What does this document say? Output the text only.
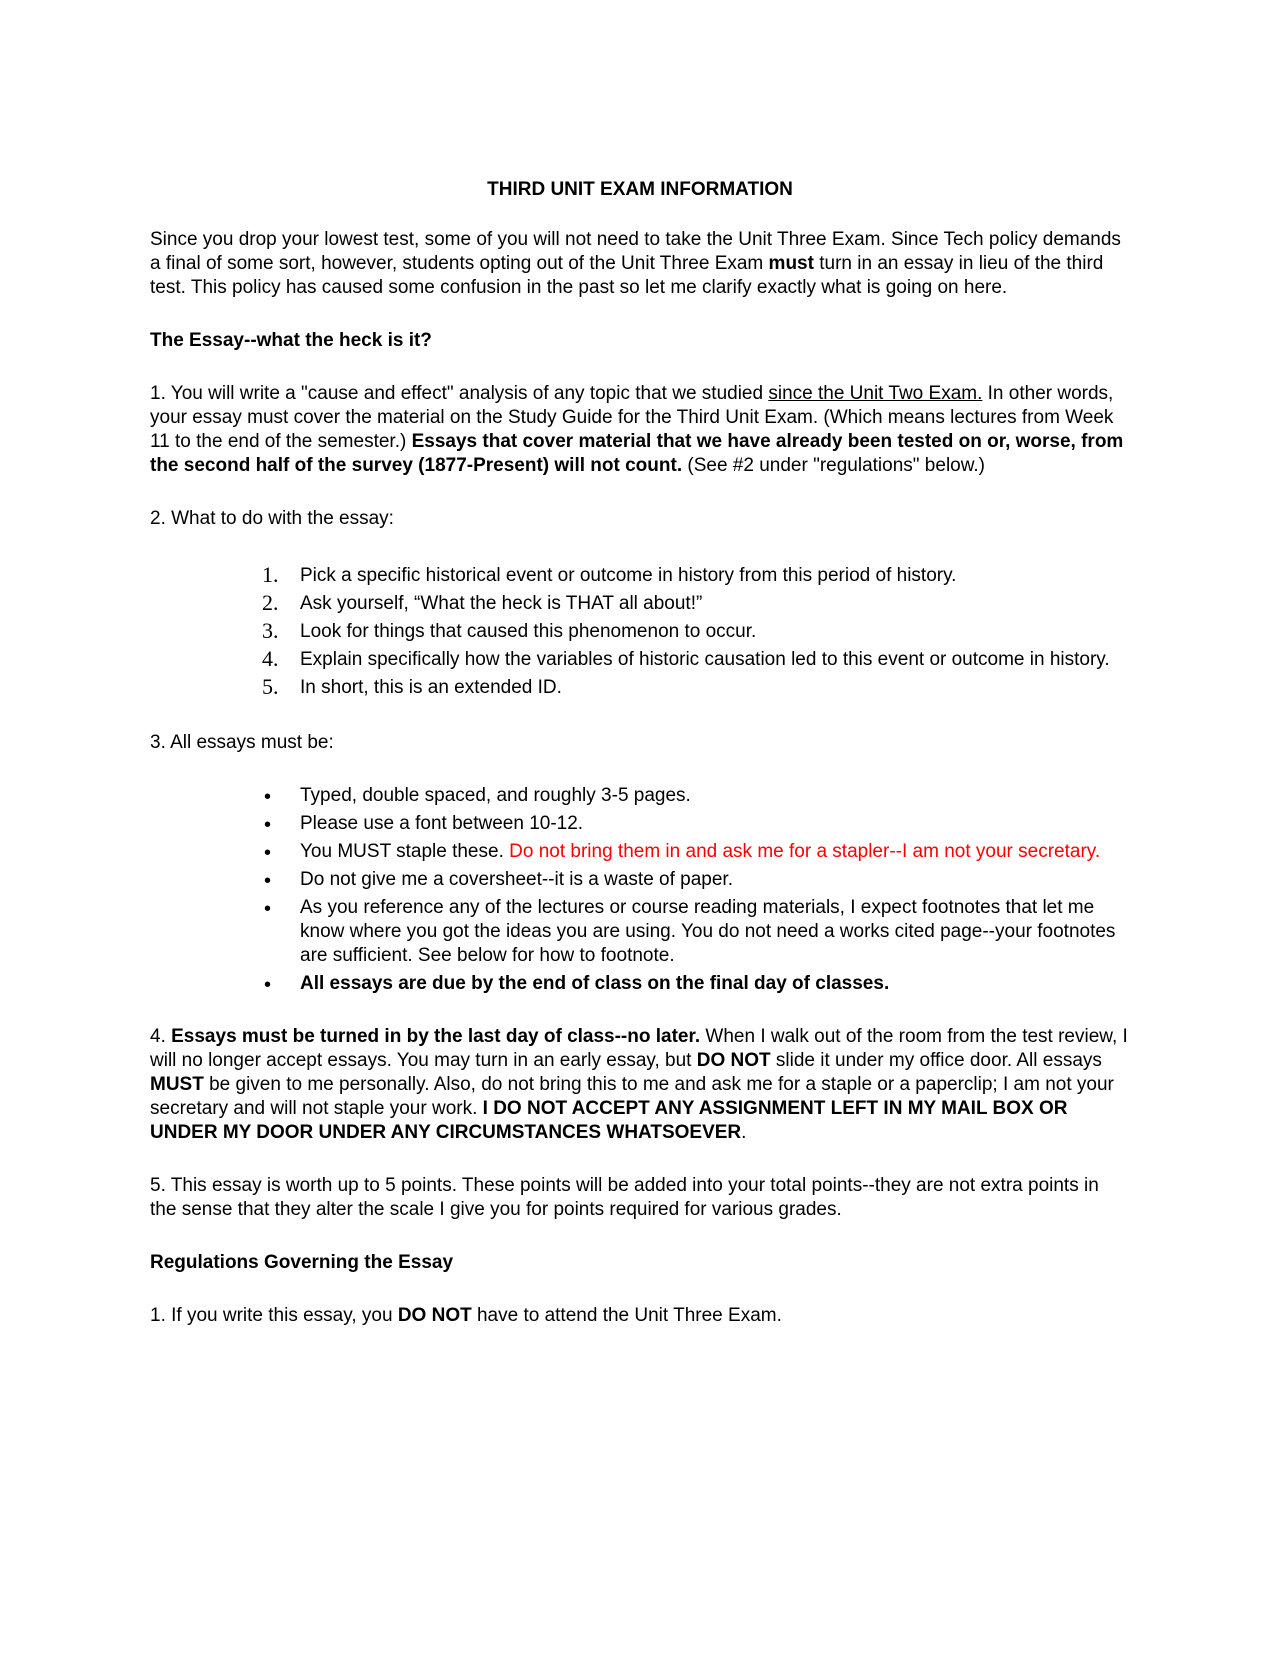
THIRD UNIT EXAM INFORMATION

Since you drop your lowest test, some of you will not need to take the Unit Three Exam. Since Tech policy demands a final of some sort, however, students opting out of the Unit Three Exam must turn in an essay in lieu of the third test. This policy has caused some confusion in the past so let me clarify exactly what is going on here.

The Essay--what the heck is it?

1. You will write a "cause and effect" analysis of any topic that we studied since the Unit Two Exam. In other words, your essay must cover the material on the Study Guide for the Third Unit Exam. (Which means lectures from Week 11 to the end of the semester.) Essays that cover material that we have already been tested on or, worse, from the second half of the survey (1877-Present) will not count. (See #2 under "regulations" below.)

2. What to do with the essay:

1. Pick a specific historical event or outcome in history from this period of history.
2. Ask yourself, “What the heck is THAT all about!”
3. Look for things that caused this phenomenon to occur.
4. Explain specifically how the variables of historic causation led to this event or outcome in history.
5. In short, this is an extended ID.

3. All essays must be:

• Typed, double spaced, and roughly 3-5 pages.
• Please use a font between 10-12.
• You MUST staple these. Do not bring them in and ask me for a stapler--I am not your secretary.
• Do not give me a coversheet--it is a waste of paper.
• As you reference any of the lectures or course reading materials, I expect footnotes that let me know where you got the ideas you are using. You do not need a works cited page--your footnotes are sufficient. See below for how to footnote.
• All essays are due by the end of class on the final day of classes.

4. Essays must be turned in by the last day of class--no later. When I walk out of the room from the test review, I will no longer accept essays. You may turn in an early essay, but DO NOT slide it under my office door. All essays MUST be given to me personally. Also, do not bring this to me and ask me for a staple or a paperclip; I am not your secretary and will not staple your work. I DO NOT ACCEPT ANY ASSIGNMENT LEFT IN MY MAIL BOX OR UNDER MY DOOR UNDER ANY CIRCUMSTANCES WHATSOEVER.

5. This essay is worth up to 5 points. These points will be added into your total points--they are not extra points in the sense that they alter the scale I give you for points required for various grades.

Regulations Governing the Essay

1. If you write this essay, you DO NOT have to attend the Unit Three Exam.
